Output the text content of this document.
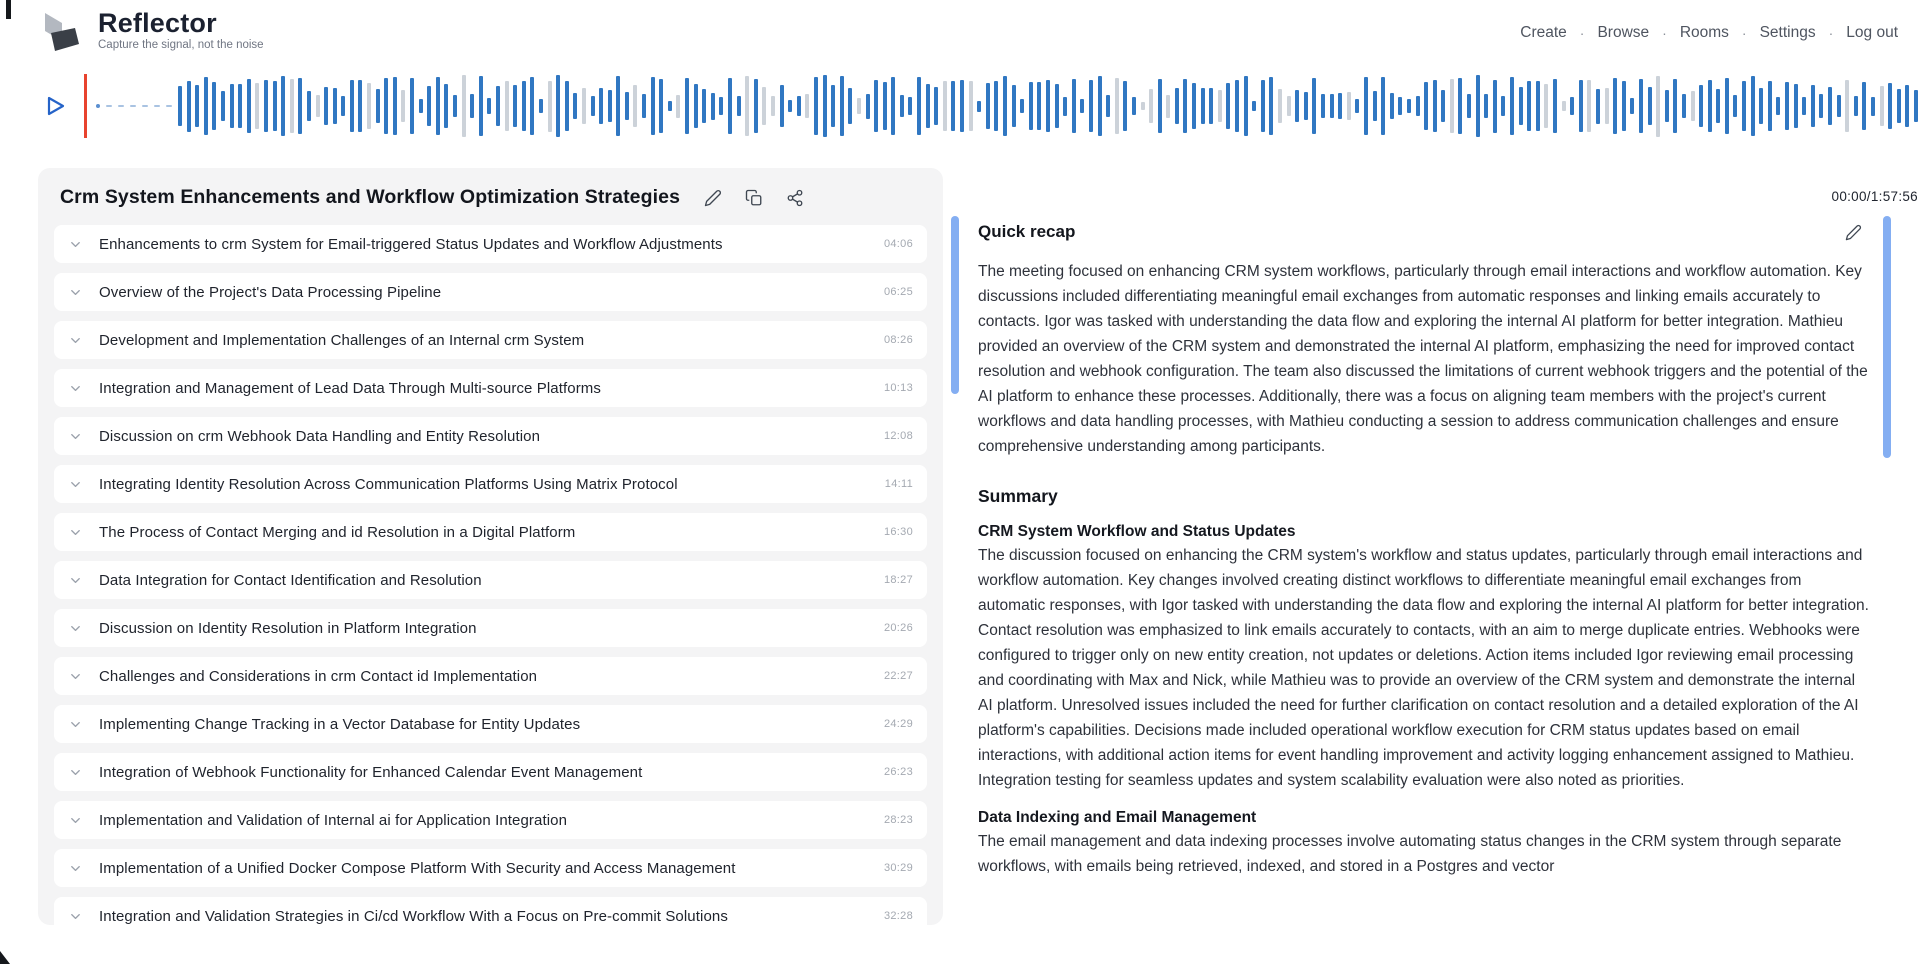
Reflector
Capture the signal, not the noise
Create · Browse · Rooms · Settings · Log out
00:00/1:57:56
Crm System Enhancements and Workflow Optimization Strategies
Enhancements to crm System for Email-triggered Status Updates and Workflow Adjustments	04:06
Overview of the Project's Data Processing Pipeline	06:25
Development and Implementation Challenges of an Internal crm System	08:26
Integration and Management of Lead Data Through Multi-source Platforms	10:13
Discussion on crm Webhook Data Handling and Entity Resolution	12:08
Integrating Identity Resolution Across Communication Platforms Using Matrix Protocol	14:11
The Process of Contact Merging and id Resolution in a Digital Platform	16:30
Data Integration for Contact Identification and Resolution	18:27
Discussion on Identity Resolution in Platform Integration	20:26
Challenges and Considerations in crm Contact id Implementation	22:27
Implementing Change Tracking in a Vector Database for Entity Updates	24:29
Integration of Webhook Functionality for Enhanced Calendar Event Management	26:23
Implementation and Validation of Internal ai for Application Integration	28:23
Implementation of a Unified Docker Compose Platform With Security and Access Management	30:29
Integration and Validation Strategies in Ci/cd Workflow With a Focus on Pre-commit Solutions	32:28
Quick recap
The meeting focused on enhancing CRM system workflows, particularly through email interactions and workflow automation. Key discussions included differentiating meaningful email exchanges from automatic responses and linking emails accurately to contacts. Igor was tasked with understanding the data flow and exploring the internal AI platform for better integration. Mathieu provided an overview of the CRM system and demonstrated the internal AI platform, emphasizing the need for improved contact resolution and webhook configuration. The team also discussed the limitations of current webhook triggers and the potential of the AI platform to enhance these processes. Additionally, there was a focus on aligning team members with the project's current workflows and data handling processes, with Mathieu conducting a session to address communication challenges and ensure comprehensive understanding among participants.
Summary
CRM System Workflow and Status Updates
The discussion focused on enhancing the CRM system's workflow and status updates, particularly through email interactions and workflow automation. Key changes involved creating distinct workflows to differentiate meaningful email exchanges from automatic responses, with Igor tasked with understanding the data flow and exploring the internal AI platform for better integration. Contact resolution was emphasized to link emails accurately to contacts, with an aim to merge duplicate entries. Webhooks were configured to trigger only on new entity creation, not updates or deletions. Action items included Igor reviewing email processing and coordinating with Max and Nick, while Mathieu was to provide an overview of the CRM system and demonstrate the internal AI platform. Unresolved issues included the need for further clarification on contact resolution and a detailed exploration of the AI platform's capabilities. Decisions made included operational workflow execution for CRM status updates based on email interactions, with additional action items for event handling improvement and activity logging enhancement assigned to Mathieu. Integration testing for seamless updates and system scalability evaluation were also noted as priorities.
Data Indexing and Email Management
The email management and data indexing processes involve automating status changes in the CRM system through separate workflows, with emails being retrieved, indexed, and stored in a Postgres and vector
